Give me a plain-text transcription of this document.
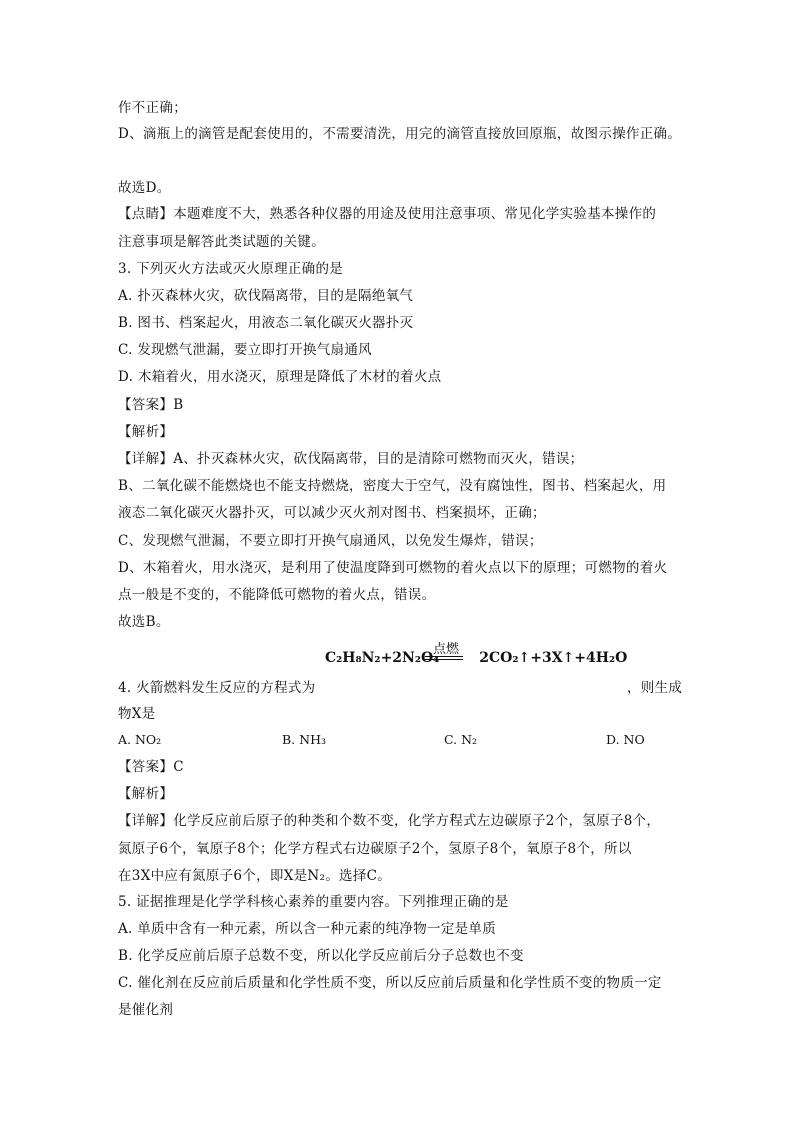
作不正确；
D、滴瓶上的滴管是配套使用的，不需要清洗，用完的滴管直接放回原瓶，故图示操作正确。
故选D。
【点睛】本题难度不大，熟悉各种仪器的用途及使用注意事项、常见化学实验基本操作的
注意事项是解答此类试题的关键。
3. 下列灭火方法或灭火原理正确的是
A. 扑灭森林火灾，砍伐隔离带，目的是隔绝氧气
B. 图书、档案起火，用液态二氧化碳灭火器扑灭
C. 发现燃气泄漏，要立即打开换气扇通风
D. 木箱着火，用水浇灭，原理是降低了木材的着火点
【答案】B
【解析】
【详解】A、扑灭森林火灾，砍伐隔离带，目的是清除可燃物而灭火，错误；
B、二氧化碳不能燃烧也不能支持燃烧，密度大于空气，没有腐蚀性，图书、档案起火，用
液态二氧化碳灭火器扑灭，可以减少灭火剂对图书、档案损坏，正确；
C、发现燃气泄漏，不要立即打开换气扇通风，以免发生爆炸，错误；
D、木箱着火，用水浇灭，是利用了使温度降到可燃物的着火点以下的原理；可燃物的着火
点一般是不变的，不能降低可燃物的着火点，错误。
故选B。
C₂H₈N₂+2N₂O₄	2CO₂↑+3X↑+4H₂O
点燃
4. 火箭燃料发生反应的方程式为	，则生成
物X是
A. NO₂	B. NH₃	C. N₂	D. NO
【答案】C
【解析】
【详解】化学反应前后原子的种类和个数不变，化学方程式左边碳原子2个，氢原子8个，
氮原子6个，氧原子8个；化学方程式右边碳原子2个，氢原子8个，氧原子8个，所以
在3X中应有氮原子6个，即X是N₂。选择C。
5. 证据推理是化学学科核心素养的重要内容。下列推理正确的是
A. 单质中含有一种元素，所以含一种元素的纯净物一定是单质
B. 化学反应前后原子总数不变，所以化学反应前后分子总数也不变
C. 催化剂在反应前后质量和化学性质不变，所以反应前后质量和化学性质不变的物质一定
是催化剂
